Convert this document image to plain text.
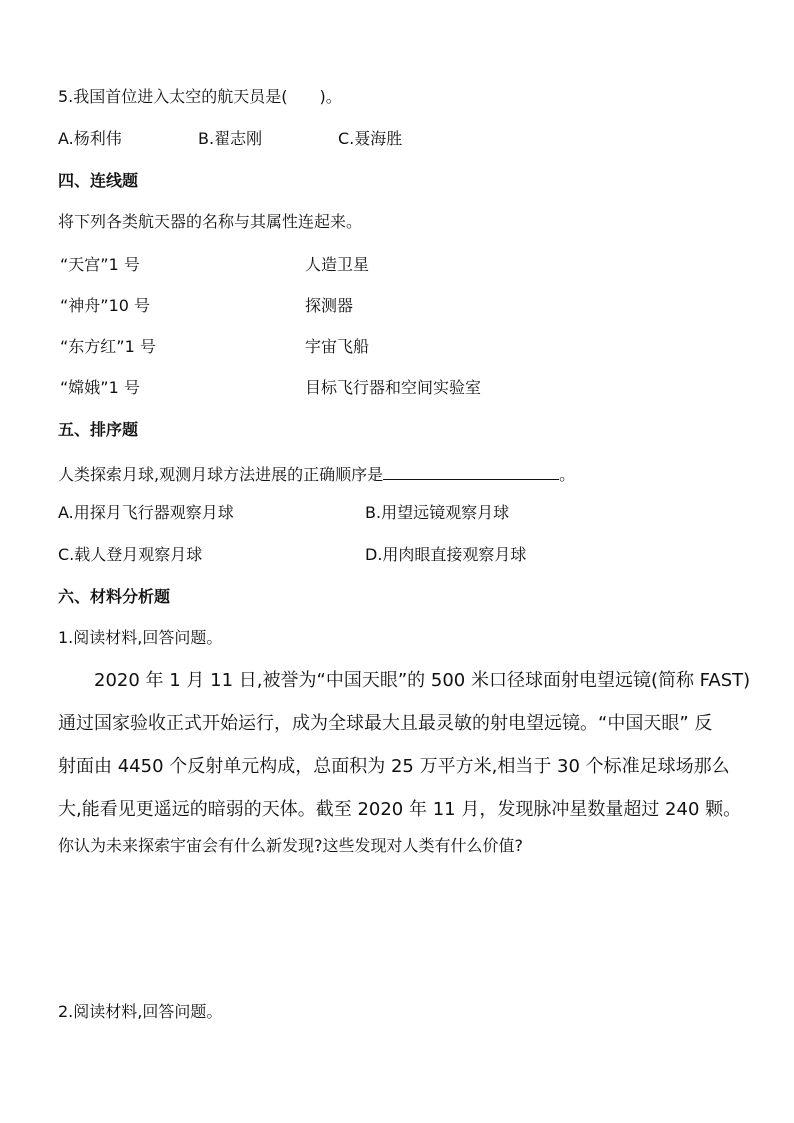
5.我国首位进入太空的航天员是(　　)。
A.杨利伟	B.翟志刚	C.聂海胜
四、连线题
将下列各类航天器的名称与其属性连起来。
“天宫”1 号	人造卫星
“神舟”10 号	探测器
“东方红”1 号	宇宙飞船
“嫦娥”1 号	目标飞行器和空间实验室
五、排序题
人类探索月球,观测月球方法进展的正确顺序是	。
A.用探月飞行器观察月球	B.用望远镜观察月球
C.载人登月观察月球	D.用肉眼直接观察月球
六、材料分析题
1.阅读材料,回答问题。
2020 年 1 月 11 日,被誉为“中国天眼”的 500 米口径球面射电望远镜(简称 FAST)
通过国家验收正式开始运行，成为全球最大且最灵敏的射电望远镜。“中国天眼” 反
射面由 4450 个反射单元构成，总面积为 25 万平方米,相当于 30 个标准足球场那么
大,能看见更遥远的暗弱的天体。截至 2020 年 11 月，发现脉冲星数量超过 240 颗。
你认为未来探索宇宙会有什么新发现?这些发现对人类有什么价值?
2.阅读材料,回答问题。
